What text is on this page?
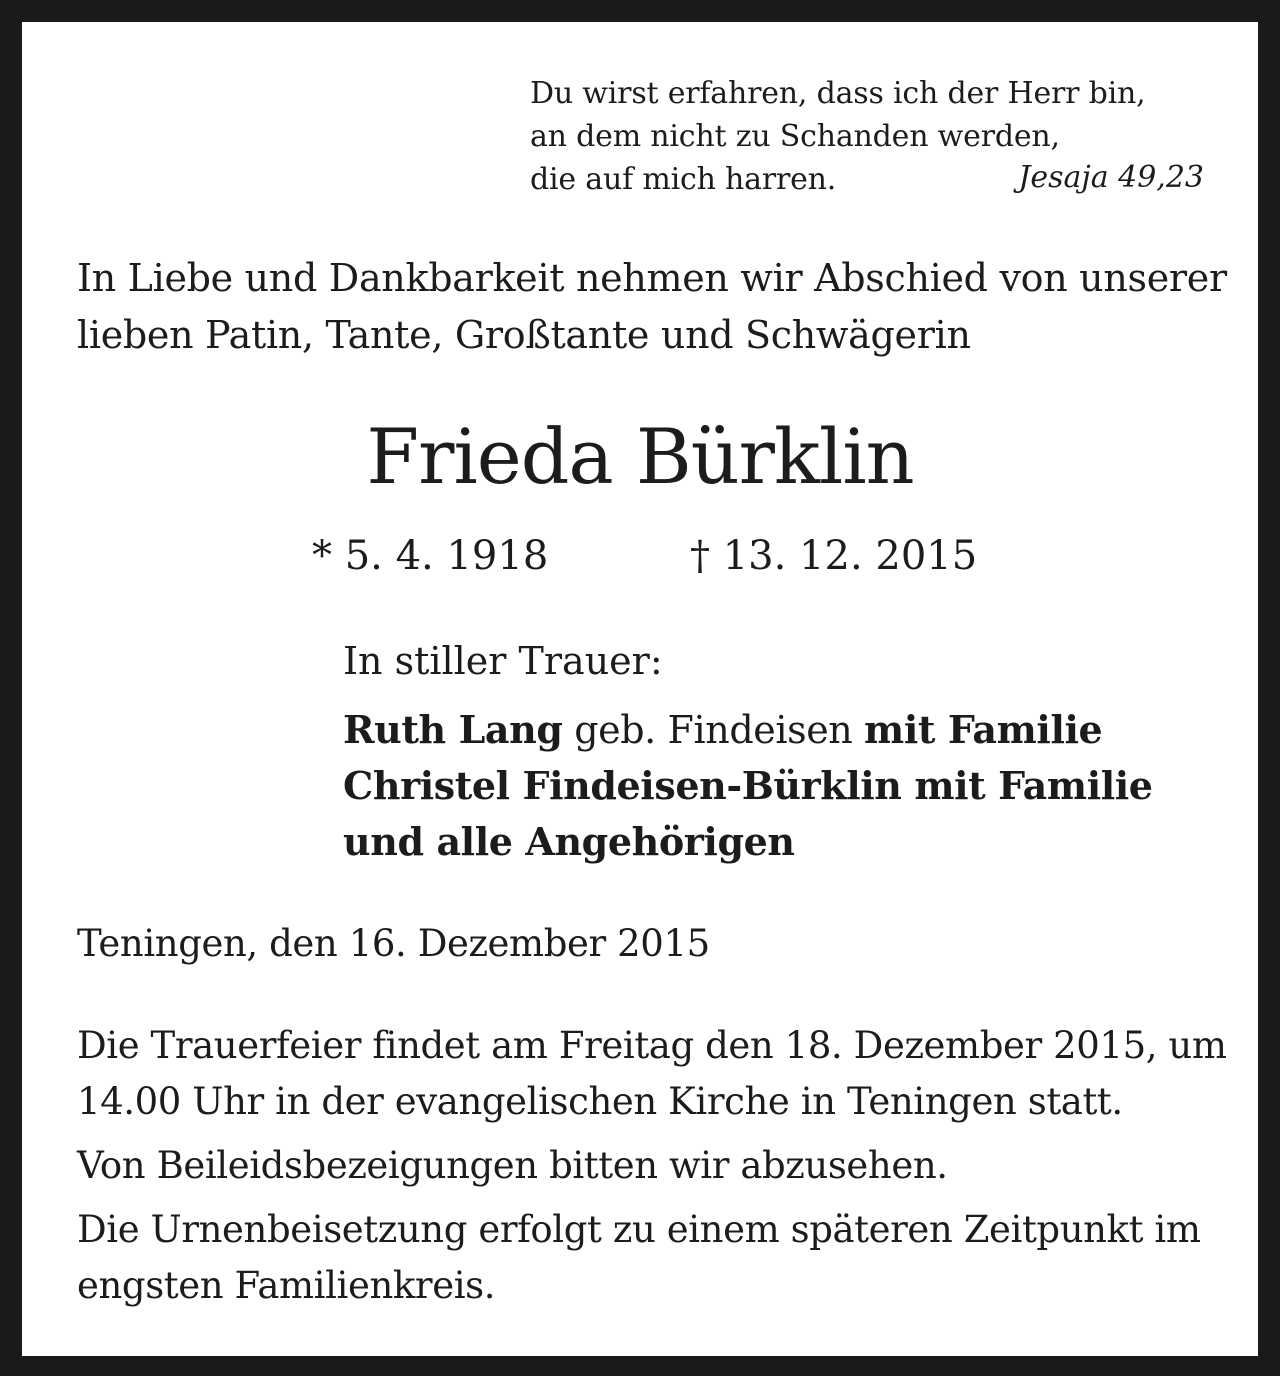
Du wirst erfahren, dass ich der Herr bin,
an dem nicht zu Schanden werden,
die auf mich harren.	Jesaja 49,23
In Liebe und Dankbarkeit nehmen wir Abschied von unserer
lieben Patin, Tante, Großtante und Schwägerin
Frieda Bürklin
* 5. 4. 1918	† 13. 12. 2015
In stiller Trauer:
Ruth Lang geb. Findeisen mit Familie
Christel Findeisen-Bürklin mit Familie
und alle Angehörigen
Teningen, den 16. Dezember 2015
Die Trauerfeier findet am Freitag den 18. Dezember 2015, um
14.00 Uhr in der evangelischen Kirche in Teningen statt.
Von Beileidsbezeigungen bitten wir abzusehen.
Die Urnenbeisetzung erfolgt zu einem späteren Zeitpunkt im
engsten Familienkreis.
